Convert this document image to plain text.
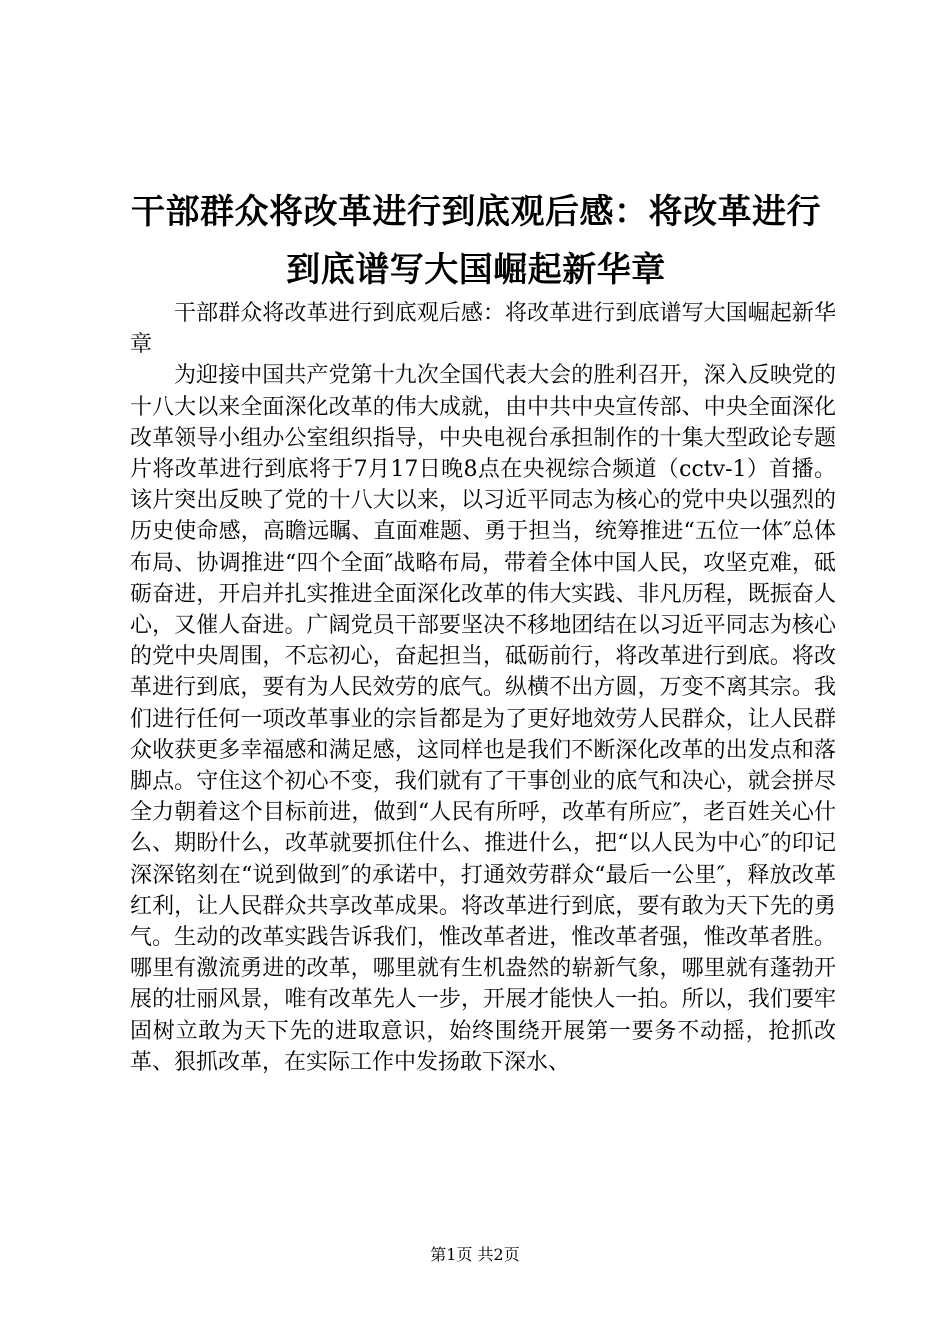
干部群众将改革进行到底观后感：将改革进行到底谱写大国崛起新华章

干部群众将改革进行到底观后感：将改革进行到底谱写大国崛起新华章

为迎接中国共产党第十九次全国代表大会的胜利召开，深入反映党的十八大以来全面深化改革的伟大成就，由中共中央宣传部、中央全面深化改革领导小组办公室组织指导，中央电视台承担制作的十集大型政论专题片将改革进行到底将于7月17日晚8点在央视综合频道（cctv-1）首播。该片突出反映了党的十八大以来，以习近平同志为核心的党中央以强烈的历史使命感，高瞻远瞩、直面难题、勇于担当，统筹推进“五位一体″总体布局、协调推进“四个全面″战略布局，带着全体中国人民，攻坚克难，砥砺奋进，开启并扎实推进全面深化改革的伟大实践、非凡历程，既振奋人心，又催人奋进。广阔党员干部要坚决不移地团结在以习近平同志为核心的党中央周围，不忘初心，奋起担当，砥砺前行，将改革进行到底。将改革进行到底，要有为人民效劳的底气。纵横不出方圆，万变不离其宗。我们进行任何一项改革事业的宗旨都是为了更好地效劳人民群众，让人民群众收获更多幸福感和满足感，这同样也是我们不断深化改革的出发点和落脚点。守住这个初心不变，我们就有了干事创业的底气和决心，就会拼尽全力朝着这个目标前进，做到“人民有所呼，改革有所应″，老百姓关心什么、期盼什么，改革就要抓住什么、推进什么，把“以人民为中心″的印记深深铭刻在“说到做到″的承诺中，打通效劳群众“最后一公里″，释放改革红利，让人民群众共享改革成果。将改革进行到底，要有敢为天下先的勇气。生动的改革实践告诉我们，惟改革者进，惟改革者强，惟改革者胜。哪里有激流勇进的改革，哪里就有生机盎然的崭新气象，哪里就有蓬勃开展的壮丽风景，唯有改革先人一步，开展才能快人一拍。所以，我们要牢固树立敢为天下先的进取意识，始终围绕开展第一要务不动摇，抢抓改革、狠抓改革，在实际工作中发扬敢下深水、

第1页 共2页
